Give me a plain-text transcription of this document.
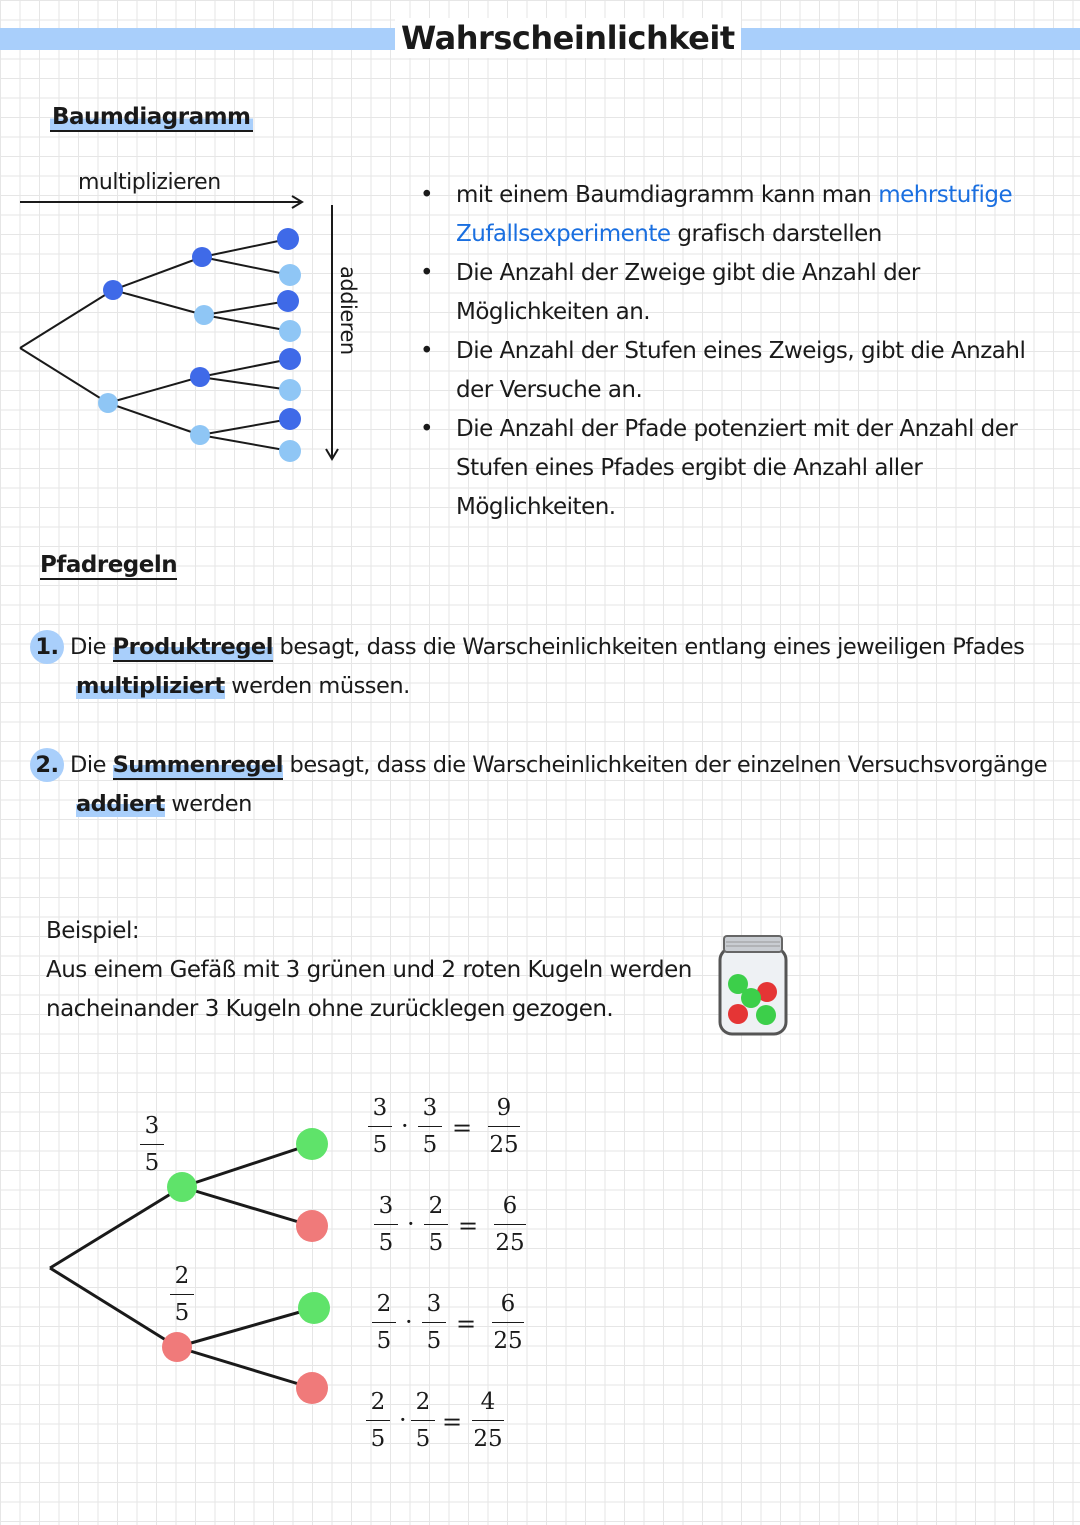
Wahrscheinlichkeit
Baumdiagramm
multiplizieren
addieren
• mit einem Baumdiagramm kann man mehrstufige Zufallsexperimente grafisch darstellen
• Die Anzahl der Zweige gibt die Anzahl der Möglichkeiten an.
• Die Anzahl der Stufen eines Zweigs, gibt die Anzahl der Versuche an.
• Die Anzahl der Pfade potenziert mit der Anzahl der Stufen eines Pfades ergibt die Anzahl aller Möglichkeiten.
Pfadregeln
1. Die Produktregel besagt, dass die Warscheinlichkeiten entlang eines jeweiligen Pfades
multipliziert werden müssen.
2. Die Summenregel besagt, dass die Warscheinlichkeiten der einzelnen Versuchsvorgänge
addiert werden
Beispiel:
Aus einem Gefäß mit 3 grünen und 2 roten Kugeln werden nacheinander 3 Kugeln ohne zurücklegen gezogen.
3
5
2
5
3
5
·
3
5
=
9
25
3
5
·
2
5
=
6
25
2
5
·
3
5
=
6
25
2
5
·
2
5
=
4
25
